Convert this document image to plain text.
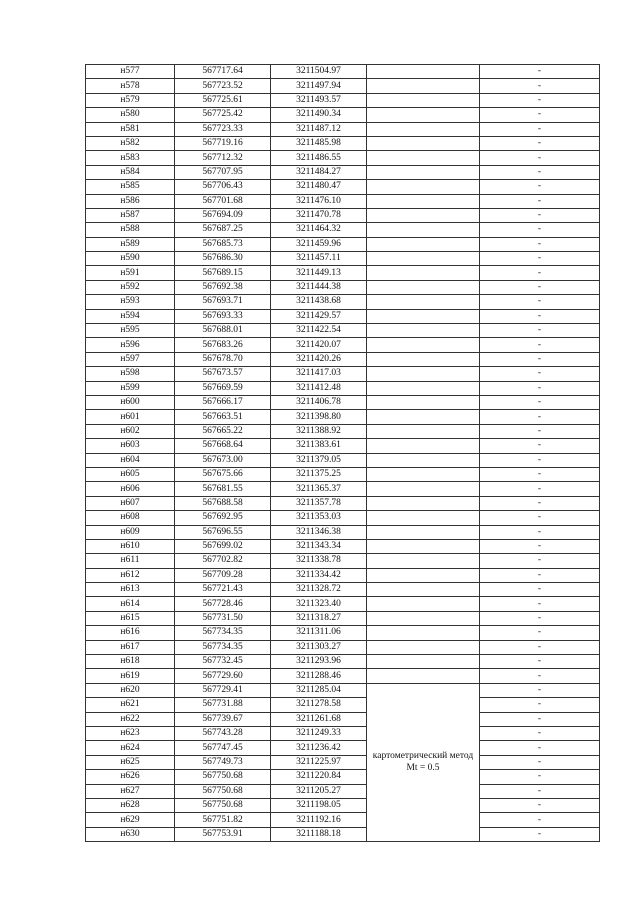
н577	567717.64	3211504.97		-
н578	567723.52	3211497.94		-
н579	567725.61	3211493.57		-
н580	567725.42	3211490.34		-
н581	567723.33	3211487.12		-
н582	567719.16	3211485.98		-
н583	567712.32	3211486.55		-
н584	567707.95	3211484.27		-
н585	567706.43	3211480.47		-
н586	567701.68	3211476.10		-
н587	567694.09	3211470.78		-
н588	567687.25	3211464.32		-
н589	567685.73	3211459.96		-
н590	567686.30	3211457.11		-
н591	567689.15	3211449.13		-
н592	567692.38	3211444.38		-
н593	567693.71	3211438.68		-
н594	567693.33	3211429.57		-
н595	567688.01	3211422.54		-
н596	567683.26	3211420.07		-
н597	567678.70	3211420.26		-
н598	567673.57	3211417.03		-
н599	567669.59	3211412.48		-
н600	567666.17	3211406.78		-
н601	567663.51	3211398.80		-
н602	567665.22	3211388.92		-
н603	567668.64	3211383.61		-
н604	567673.00	3211379.05		-
н605	567675.66	3211375.25		-
н606	567681.55	3211365.37		-
н607	567688.58	3211357.78		-
н608	567692.95	3211353.03		-
н609	567696.55	3211346.38		-
н610	567699.02	3211343.34		-
н611	567702.82	3211338.78		-
н612	567709.28	3211334.42		-
н613	567721.43	3211328.72		-
н614	567728.46	3211323.40		-
н615	567731.50	3211318.27		-
н616	567734.35	3211311.06		-
н617	567734.35	3211303.27		-
н618	567732.45	3211293.96		-
н619	567729.60	3211288.46		-
н620	567729.41	3211285.04	картометрический метод Mt = 0.5	-
н621	567731.88	3211278.58		-
н622	567739.67	3211261.68		-
н623	567743.28	3211249.33		-
н624	567747.45	3211236.42		-
н625	567749.73	3211225.97		-
н626	567750.68	3211220.84		-
н627	567750.68	3211205.27		-
н628	567750.68	3211198.05		-
н629	567751.82	3211192.16		-
н630	567753.91	3211188.18		-
